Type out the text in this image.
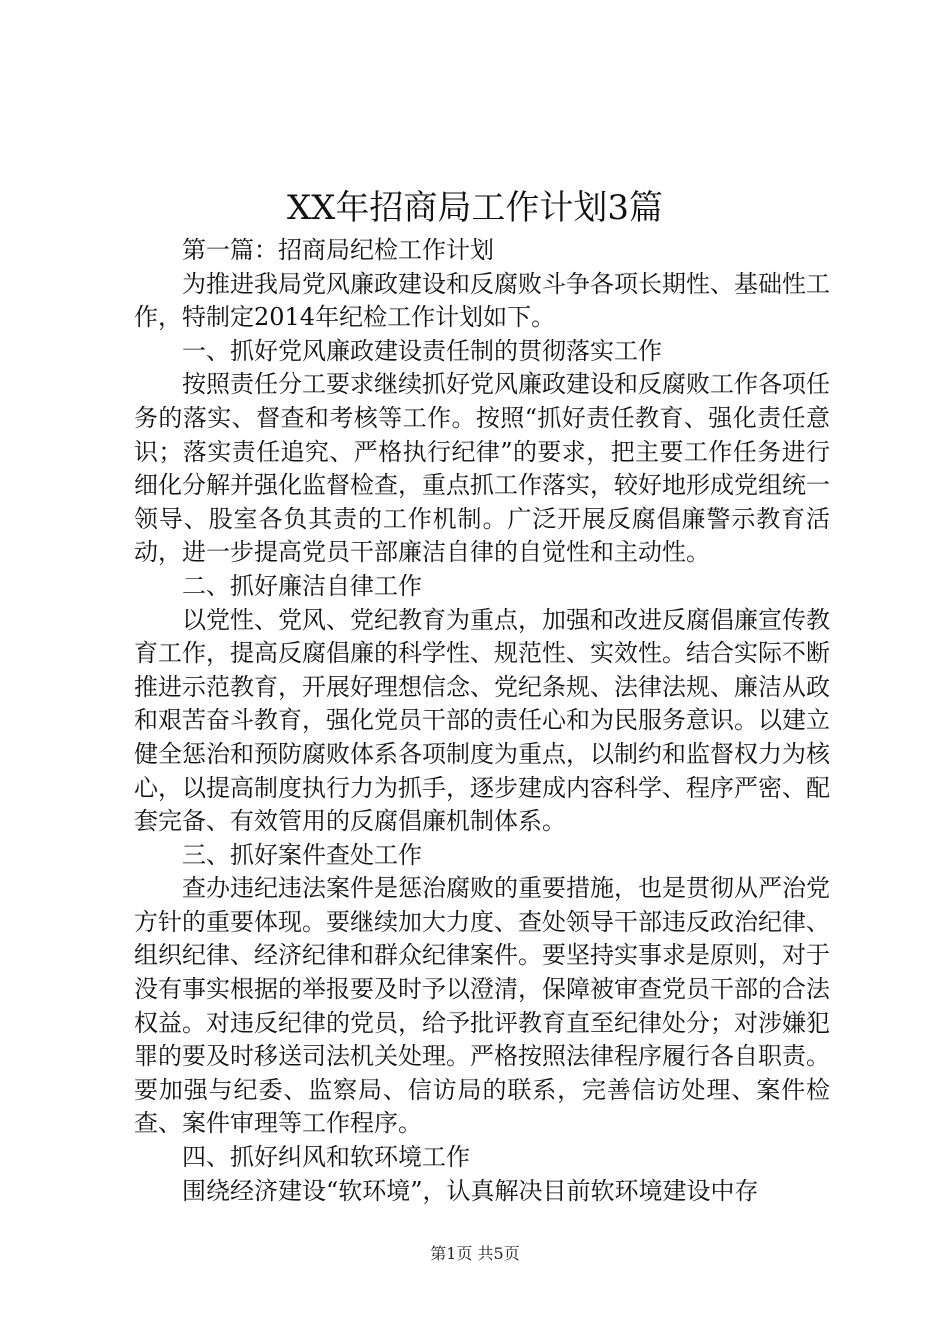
XX年招商局工作计划3篇

第一篇：招商局纪检工作计划

为推进我局党风廉政建设和反腐败斗争各项长期性、基础性工作，特制定2014年纪检工作计划如下。

一、抓好党风廉政建设责任制的贯彻落实工作

按照责任分工要求继续抓好党风廉政建设和反腐败工作各项任务的落实、督查和考核等工作。按照“抓好责任教育、强化责任意识；落实责任追究、严格执行纪律”的要求，把主要工作任务进行细化分解并强化监督检查，重点抓工作落实，较好地形成党组统一领导、股室各负其责的工作机制。广泛开展反腐倡廉警示教育活动，进一步提高党员干部廉洁自律的自觉性和主动性。

二、抓好廉洁自律工作

以党性、党风、党纪教育为重点，加强和改进反腐倡廉宣传教育工作，提高反腐倡廉的科学性、规范性、实效性。结合实际不断推进示范教育，开展好理想信念、党纪条规、法律法规、廉洁从政和艰苦奋斗教育，强化党员干部的责任心和为民服务意识。以建立健全惩治和预防腐败体系各项制度为重点，以制约和监督权力为核心，以提高制度执行力为抓手，逐步建成内容科学、程序严密、配套完备、有效管用的反腐倡廉机制体系。

三、抓好案件查处工作

查办违纪违法案件是惩治腐败的重要措施，也是贯彻从严治党方针的重要体现。要继续加大力度、查处领导干部违反政治纪律、组织纪律、经济纪律和群众纪律案件。要坚持实事求是原则，对于没有事实根据的举报要及时予以澄清，保障被审查党员干部的合法权益。对违反纪律的党员，给予批评教育直至纪律处分；对涉嫌犯罪的要及时移送司法机关处理。严格按照法律程序履行各自职责。要加强与纪委、监察局、信访局的联系，完善信访处理、案件检查、案件审理等工作程序。

四、抓好纠风和软环境工作

围绕经济建设“软环境”，认真解决目前软环境建设中存

第1页 共5页
